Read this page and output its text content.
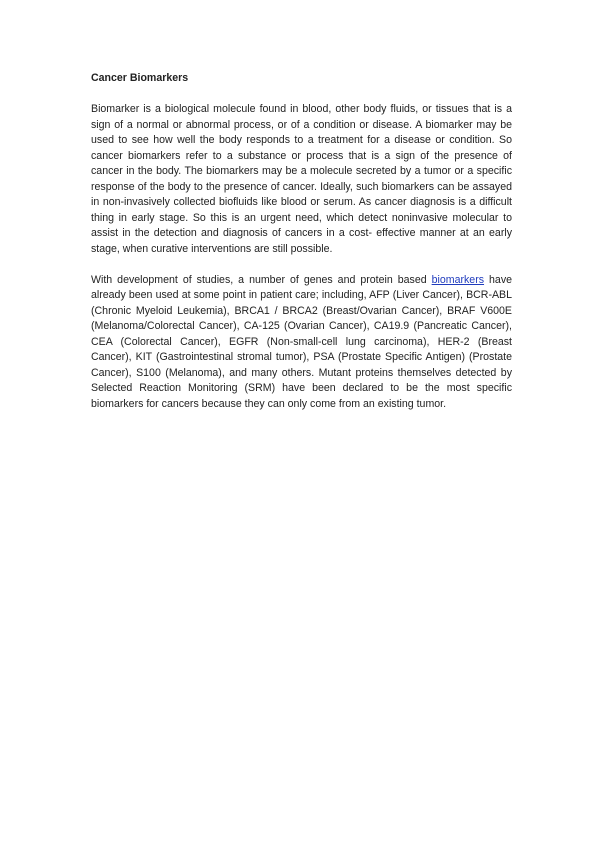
Cancer Biomarkers

Biomarker is a biological molecule found in blood, other body fluids, or tissues that is a sign of a normal or abnormal process, or of a condition or disease. A biomarker may be used to see how well the body responds to a treatment for a disease or condition. So cancer biomarkers refer to a substance or process that is a sign of the presence of cancer in the body. The biomarkers may be a molecule secreted by a tumor or a specific response of the body to the presence of cancer. Ideally, such biomarkers can be assayed in non-invasively collected biofluids like blood or serum. As cancer diagnosis is a difficult thing in early stage. So this is an urgent need, which detect noninvasive molecular to assist in the detection and diagnosis of cancers in a cost‐ effective manner at an early stage, when curative interventions are still possible.

With development of studies, a number of genes and protein based biomarkers have already been used at some point in patient care; including, AFP (Liver Cancer), BCR-ABL (Chronic Myeloid Leukemia), BRCA1 / BRCA2 (Breast/Ovarian Cancer), BRAF V600E (Melanoma/Colorectal Cancer), CA-125 (Ovarian Cancer), CA19.9 (Pancreatic Cancer), CEA (Colorectal Cancer), EGFR (Non-small-cell lung carcinoma), HER-2 (Breast Cancer), KIT (Gastrointestinal stromal tumor), PSA (Prostate Specific Antigen) (Prostate Cancer), S100 (Melanoma), and many others. Mutant proteins themselves detected by Selected Reaction Monitoring (SRM) have been declared to be the most specific biomarkers for cancers because they can only come from an existing tumor.
